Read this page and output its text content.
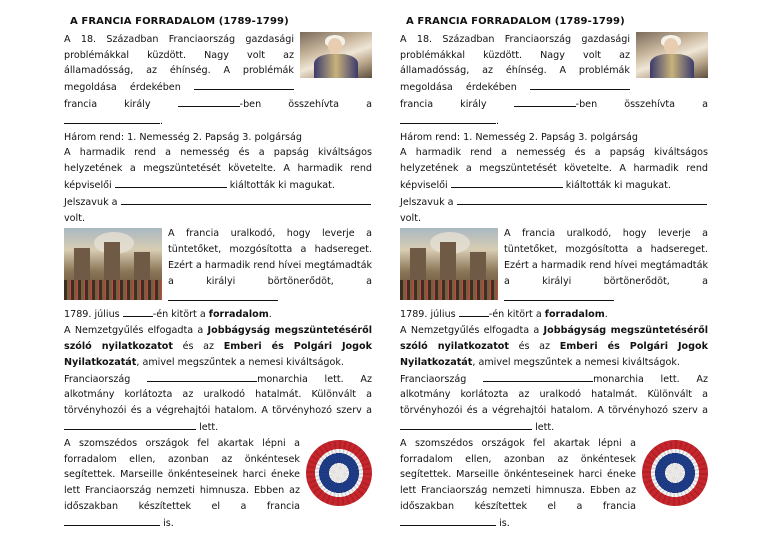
A FRANCIA FORRADALOM (1789-1799)

A 18. Században Franciaország gazdasági problémákkal küzdött. Nagy volt az államadósság, az éhínség. A problémák megoldása érdekében  francia király	-ben összehívta a .

Három rend: 1. Nemesség 2. Papság 3. polgárság

A harmadik rend a nemesség és a papság kiváltságos helyzetének a megszüntetését követelte. A harmadik rend képviselői	kiáltották ki magukat.

Jelszavuk a

volt.

A francia uralkodó, hogy leverje a tüntetőket, mozgósította a hadsereget. Ezért a harmadik rend hívei megtámadták a királyi börtönerődöt, a

1789. július	-én kitört a forradalom.

A Nemzetgyűlés elfogadta a Jobbágyság megszüntetéséről szóló nyilatkozatot és az Emberi és Polgári Jogok Nyilatkozatát, amivel megszűntek a nemesi kiváltságok.

Franciaország	monarchia lett. Az alkotmány korlátozta az uralkodó hatalmát. Különvált a törvényhozói és a végrehajtói hatalom. A törvényhozó szerv a  lett.

A szomszédos országok fel akartak lépni a forradalom ellen, azonban az önkéntesek segítettek. Marseille önkénteseinek harci éneke lett Franciaország nemzeti himnusza. Ebben az időszakban készítettek el a francia  is.

A FRANCIA FORRADALOM (1789-1799)

A 18. Században Franciaország gazdasági problémákkal küzdött. Nagy volt az államadósság, az éhínség. A problémák megoldása érdekében  francia király	-ben összehívta a .

Három rend: 1. Nemesség 2. Papság 3. polgárság

A harmadik rend a nemesség és a papság kiváltságos helyzetének a megszüntetését követelte. A harmadik rend képviselői	kiáltották ki magukat.

Jelszavuk a

volt.

A francia uralkodó, hogy leverje a tüntetőket, mozgósította a hadsereget. Ezért a harmadik rend hívei megtámadták a királyi börtönerődöt, a

1789. július	-én kitört a forradalom.

A Nemzetgyűlés elfogadta a Jobbágyság megszüntetéséről szóló nyilatkozatot és az Emberi és Polgári Jogok Nyilatkozatát, amivel megszűntek a nemesi kiváltságok.

Franciaország	monarchia lett. Az alkotmány korlátozta az uralkodó hatalmát. Különvált a törvényhozói és a végrehajtói hatalom. A törvényhozó szerv a  lett.

A szomszédos országok fel akartak lépni a forradalom ellen, azonban az önkéntesek segítettek. Marseille önkénteseinek harci éneke lett Franciaország nemzeti himnusza. Ebben az időszakban készítettek el a francia  is.
